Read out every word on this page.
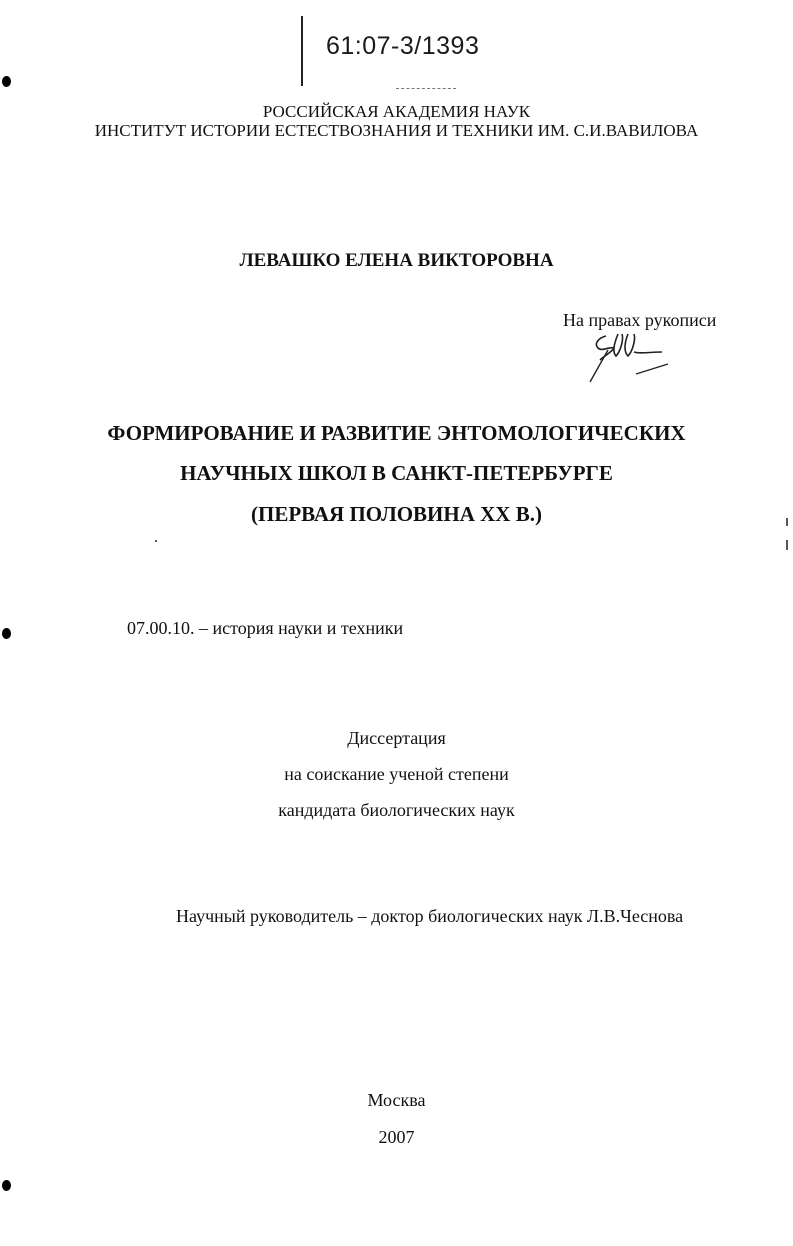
61:07-3/1393
РОССИЙСКАЯ АКАДЕМИЯ НАУК
ИНСТИТУТ ИСТОРИИ ЕСТЕСТВОЗНАНИЯ И ТЕХНИКИ ИМ. С.И.ВАВИЛОВА
ЛЕВАШКО ЕЛЕНА ВИКТОРОВНА
На правах рукописи
ФОРМИРОВАНИЕ И РАЗВИТИЕ ЭНТОМОЛОГИЧЕСКИХ
НАУЧНЫХ ШКОЛ В САНКТ-ПЕТЕРБУРГЕ
(ПЕРВАЯ ПОЛОВИНА XX В.)
07.00.10. – история науки и техники
Диссертация
на соискание ученой степени
кандидата биологических наук
Научный руководитель – доктор биологических наук Л.В.Чеснова
Москва
2007
